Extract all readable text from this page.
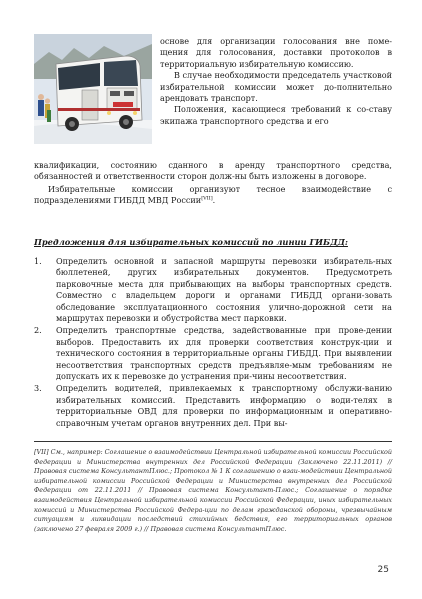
основе для организации голосования вне поме-щения для голосования, доставки протоколов в территориальную избирательную комиссию.

В случае необходимости председатель участковой избирательной комиссии может до-полнительно арендовать транспорт.

Положения, касающиеся требований к со-ставу экипажа транспортного средства и его

квалификации, состоянию сданного в аренду транспортного средства, обязанностей и ответственности сторон долж-ны быть изложены в договоре.

Избирательные комиссии организуют тесное взаимодействие с подразделениями ГИБДД МВД России[VII].

Предложения для избирательных комиссий по линии ГИБДД:
1. Определить основной и запасной маршруты перевозки избиратель-ных бюллетеней, других избирательных документов. Предусмотреть парковочные места для прибывающих на выборы транспортных средств. Совместно с владельцем дороги и органами ГИБДД органи-зовать обследование эксплуатационного состояния улично-дорожной сети на маршрутах перевозки и обустройства мест парковки.
2. Определить транспортные средства, задействованные при прове-дении выборов. Предоставить их для проверки соответствия конструк-ции и технического состояния в территориальные органы ГИБДД. При выявлении несоответствия транспортных средств предъявляе-мым требованиям не допускать их к перевозке до устранения при-чины несоответствия.
3. Определить водителей, привлекаемых к транспортному обслужи-ванию избирательных комиссий. Представить информацию о води-телях в территориальные ОВД для проверки по информационным и оперативно-справочным учетам органов внутренних дел. При вы-
[VII] См., например: Соглашение о взаимодействии Центральной избирательной комиссии Российской Федерации и Министерства внутренних дел Российской Федерации (Заключено 22.11.2011) // Правовая система КонсультантПлюс.; Протокол № 1 К соглашению о взаи-модействии Центральной избирательной комиссии Российской Федерации и Министерства внутренних дел Российской Федерации от 22.11.2011 // Правовая система Консультант-Плюс.; Соглашение о порядке взаимодействия Центральной избирательной комиссии Российской Федерации, иных избирательных комиссий и Министерства Российской Федера-ции по делам гражданской обороны, чрезвычайным ситуациям и ликвидации последствий стихийных бедствия, его территориальных органов (заключено 27 февраля 2009 г.) // Правовая система КонсультантПлюс.
25
